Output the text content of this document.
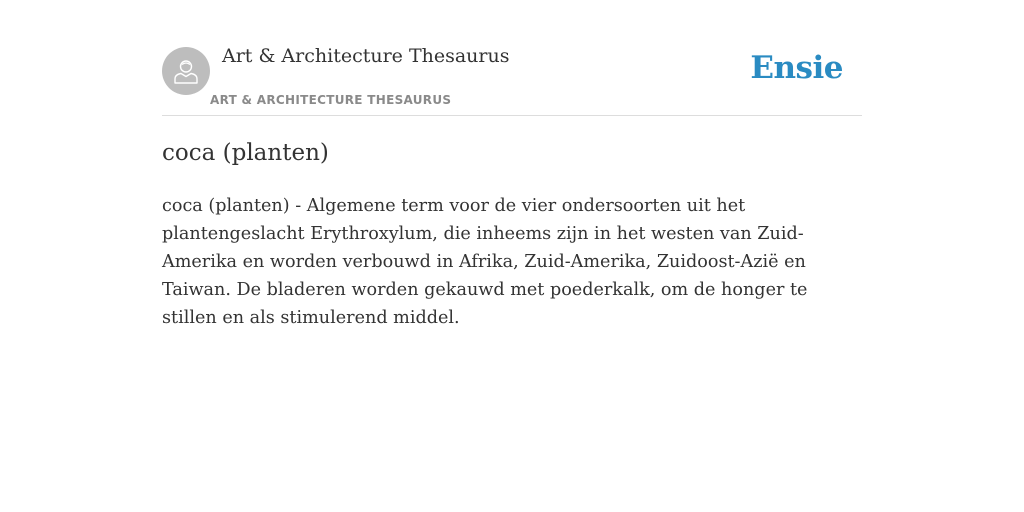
Art & Architecture Thesaurus
ART & ARCHITECTURE THESAURUS
Ensie
coca (planten)

coca (planten) - Algemene term voor de vier ondersoorten uit het plantengeslacht Erythroxylum, die inheems zijn in het westen van Zuid-Amerika en worden verbouwd in Afrika, Zuid-Amerika, Zuidoost-Azië en Taiwan. De bladeren worden gekauwd met poederkalk, om de honger te stillen en als stimulerend middel.
